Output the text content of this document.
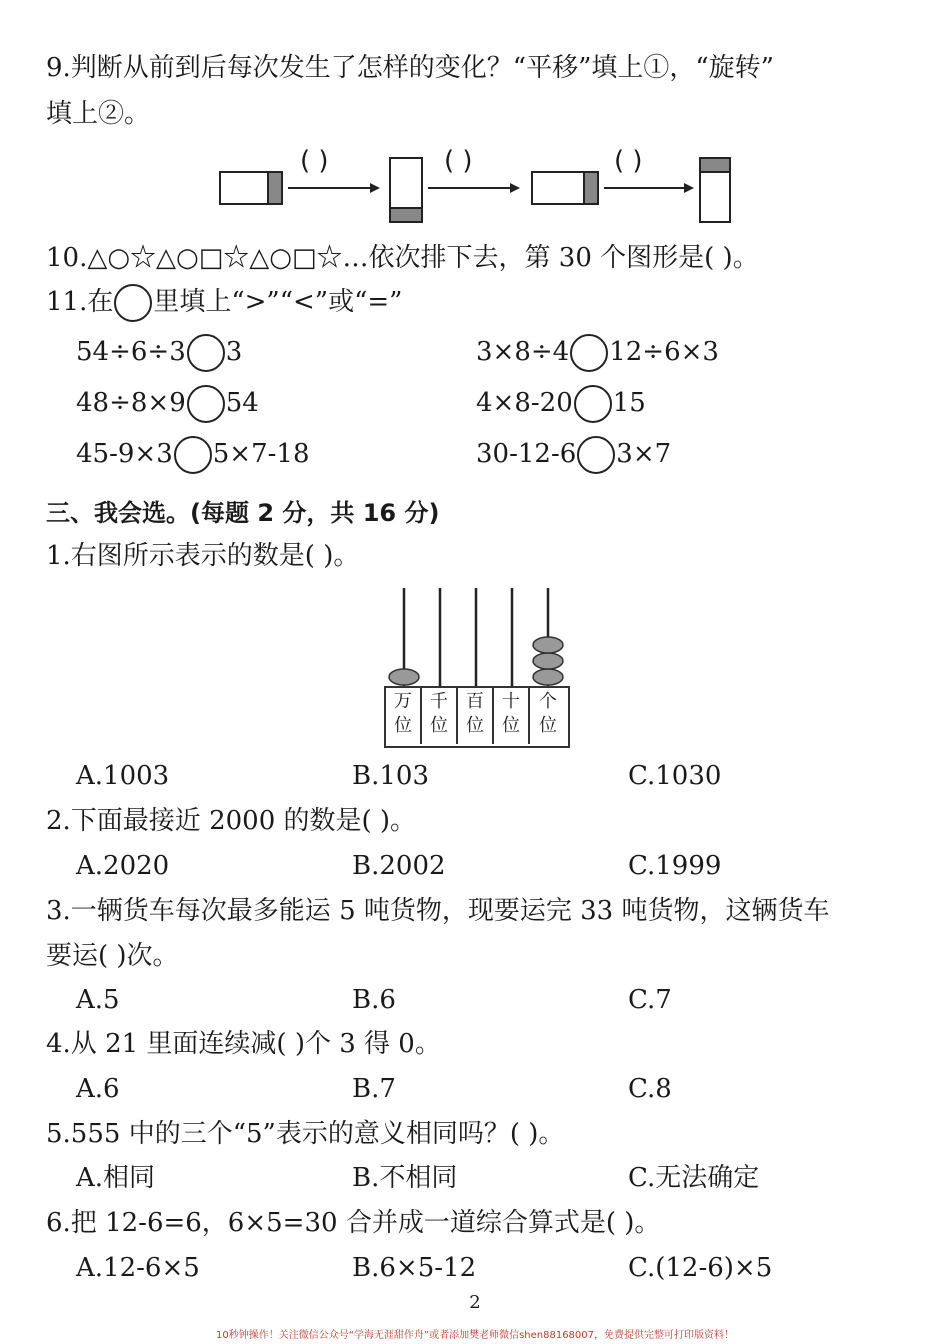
9.判断从前到后每次发生了怎样的变化？“平移”填上①，“旋转”
填上②。
( )	( )	( )
10.△○☆△○□☆△○□☆…依次排下去，第 30 个图形是( )。
11.在 里填上“>”“<”或“=”
54÷6÷3 3	3×8÷4 12÷6×3
48÷8×9 54	4×8-20 15
45-9×3 5×7-18	30-12-6 3×7
三、我会选。(每题 2 分，共 16 分)
1.右图所示表示的数是( )。
万
位
千
位
百
位
十
位
个
位
A.1003	B.103	C.1030
2.下面最接近 2000 的数是( )。
A.2020	B.2002	C.1999
3.一辆货车每次最多能运 5 吨货物，现要运完 33 吨货物，这辆货车
要运( )次。
A.5	B.6	C.7
4.从 21 里面连续减( )个 3 得 0。
A.6	B.7	C.8
5.555 中的三个“5”表示的意义相同吗？( )。
A.相同	B.不相同	C.无法确定
6.把 12-6=6，6×5=30 合并成一道综合算式是( )。
A.12-6×5	B.6×5-12	C.(12-6)×5
2
10秒钟操作！关注微信公众号“学海无涯甜作舟”或者添加樊老师微信shen88168007，免费提供完整可打印版资料！
